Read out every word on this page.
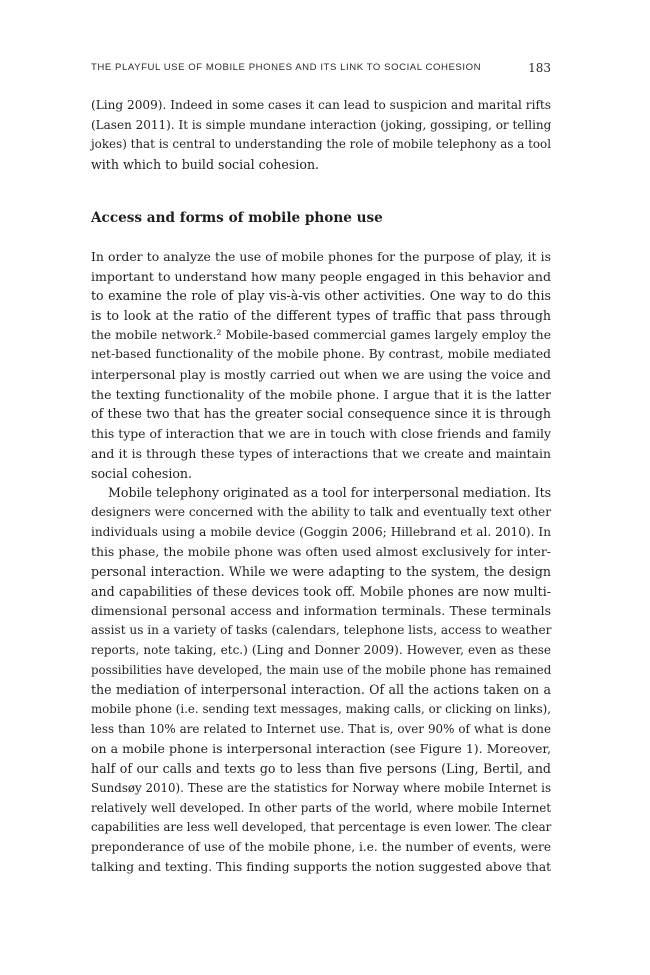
THE PLAYFUL USE OF MOBILE PHONES AND ITS LINK TO SOCIAL COHESION	183
(Ling 2009). Indeed in some cases it can lead to suspicion and marital rifts
(Lasen 2011). It is simple mundane interaction (joking, gossiping, or telling
jokes) that is central to understanding the role of mobile telephony as a tool
with which to build social cohesion.
Access and forms of mobile phone use
In order to analyze the use of mobile phones for the purpose of play, it is
important to understand how many people engaged in this behavior and
to examine the role of play vis-à-vis other activities. One way to do this
is to look at the ratio of the different types of traffic that pass through
the mobile network.² Mobile-based commercial games largely employ the
net-based functionality of the mobile phone. By contrast, mobile mediated
interpersonal play is mostly carried out when we are using the voice and
the texting functionality of the mobile phone. I argue that it is the latter
of these two that has the greater social consequence since it is through
this type of interaction that we are in touch with close friends and family
and it is through these types of interactions that we create and maintain
social cohesion.
Mobile telephony originated as a tool for interpersonal mediation. Its
designers were concerned with the ability to talk and eventually text other
individuals using a mobile device (Goggin 2006; Hillebrand et al. 2010). In
this phase, the mobile phone was often used almost exclusively for inter-
personal interaction. While we were adapting to the system, the design
and capabilities of these devices took off. Mobile phones are now multi-
dimensional personal access and information terminals. These terminals
assist us in a variety of tasks (calendars, telephone lists, access to weather
reports, note taking, etc.) (Ling and Donner 2009). However, even as these
possibilities have developed, the main use of the mobile phone has remained
the mediation of interpersonal interaction. Of all the actions taken on a
mobile phone (i.e. sending text messages, making calls, or clicking on links),
less than 10% are related to Internet use. That is, over 90% of what is done
on a mobile phone is interpersonal interaction (see Figure 1). Moreover,
half of our calls and texts go to less than five persons (Ling, Bertil, and
Sundsøy 2010). These are the statistics for Norway where mobile Internet is
relatively well developed. In other parts of the world, where mobile Internet
capabilities are less well developed, that percentage is even lower. The clear
preponderance of use of the mobile phone, i.e. the number of events, were
talking and texting. This finding supports the notion suggested above that
